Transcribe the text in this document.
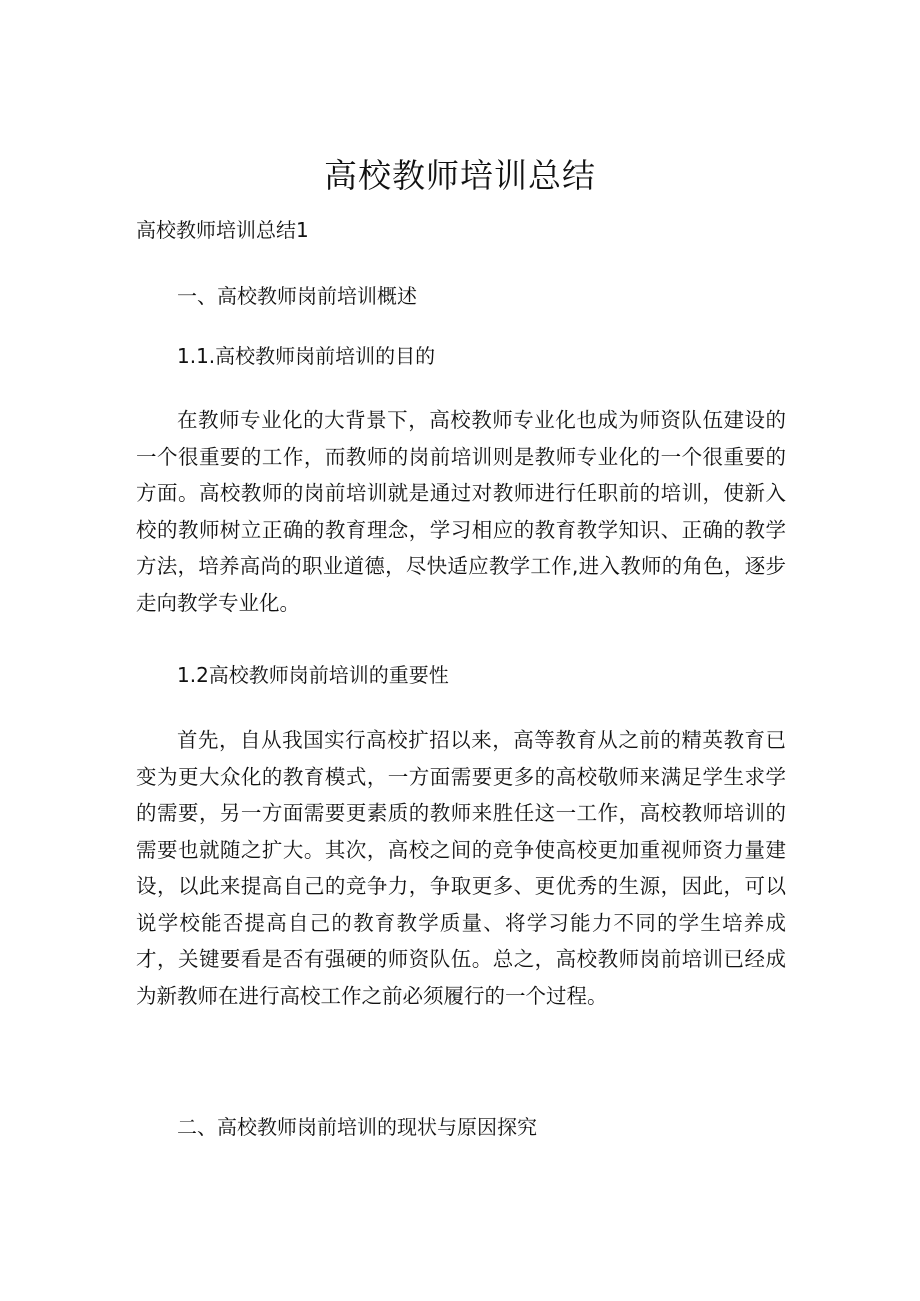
高校教师培训总结
高校教师培训总结1
一、高校教师岗前培训概述
1.1.高校教师岗前培训的目的

在教师专业化的大背景下，高校教师专业化也成为师资队伍建设的一个很重要的工作，而教师的岗前培训则是教师专业化的一个很重要的方面。高校教师的岗前培训就是通过对教师进行任职前的培训，使新入校的教师树立正确的教育理念，学习相应的教育教学知识、正确的教学方法，培养高尚的职业道德，尽快适应教学工作,进入教师的角色，逐步走向教学专业化。

1.2高校教师岗前培训的重要性

首先，自从我国实行高校扩招以来，高等教育从之前的精英教育已变为更大众化的教育模式，一方面需要更多的高校敬师来满足学生求学的需要，另一方面需要更素质的教师来胜任这一工作，高校教师培训的需要也就随之扩大。其次，高校之间的竞争使高校更加重视师资力量建设，以此来提高自己的竞争力，争取更多、更优秀的生源，因此，可以说学校能否提高自己的教育教学质量、将学习能力不同的学生培养成才，关键要看是否有强硬的师资队伍。总之，高校教师岗前培训已经成为新教师在进行高校工作之前必须履行的一个过程。

二、高校教师岗前培训的现状与原因探究
